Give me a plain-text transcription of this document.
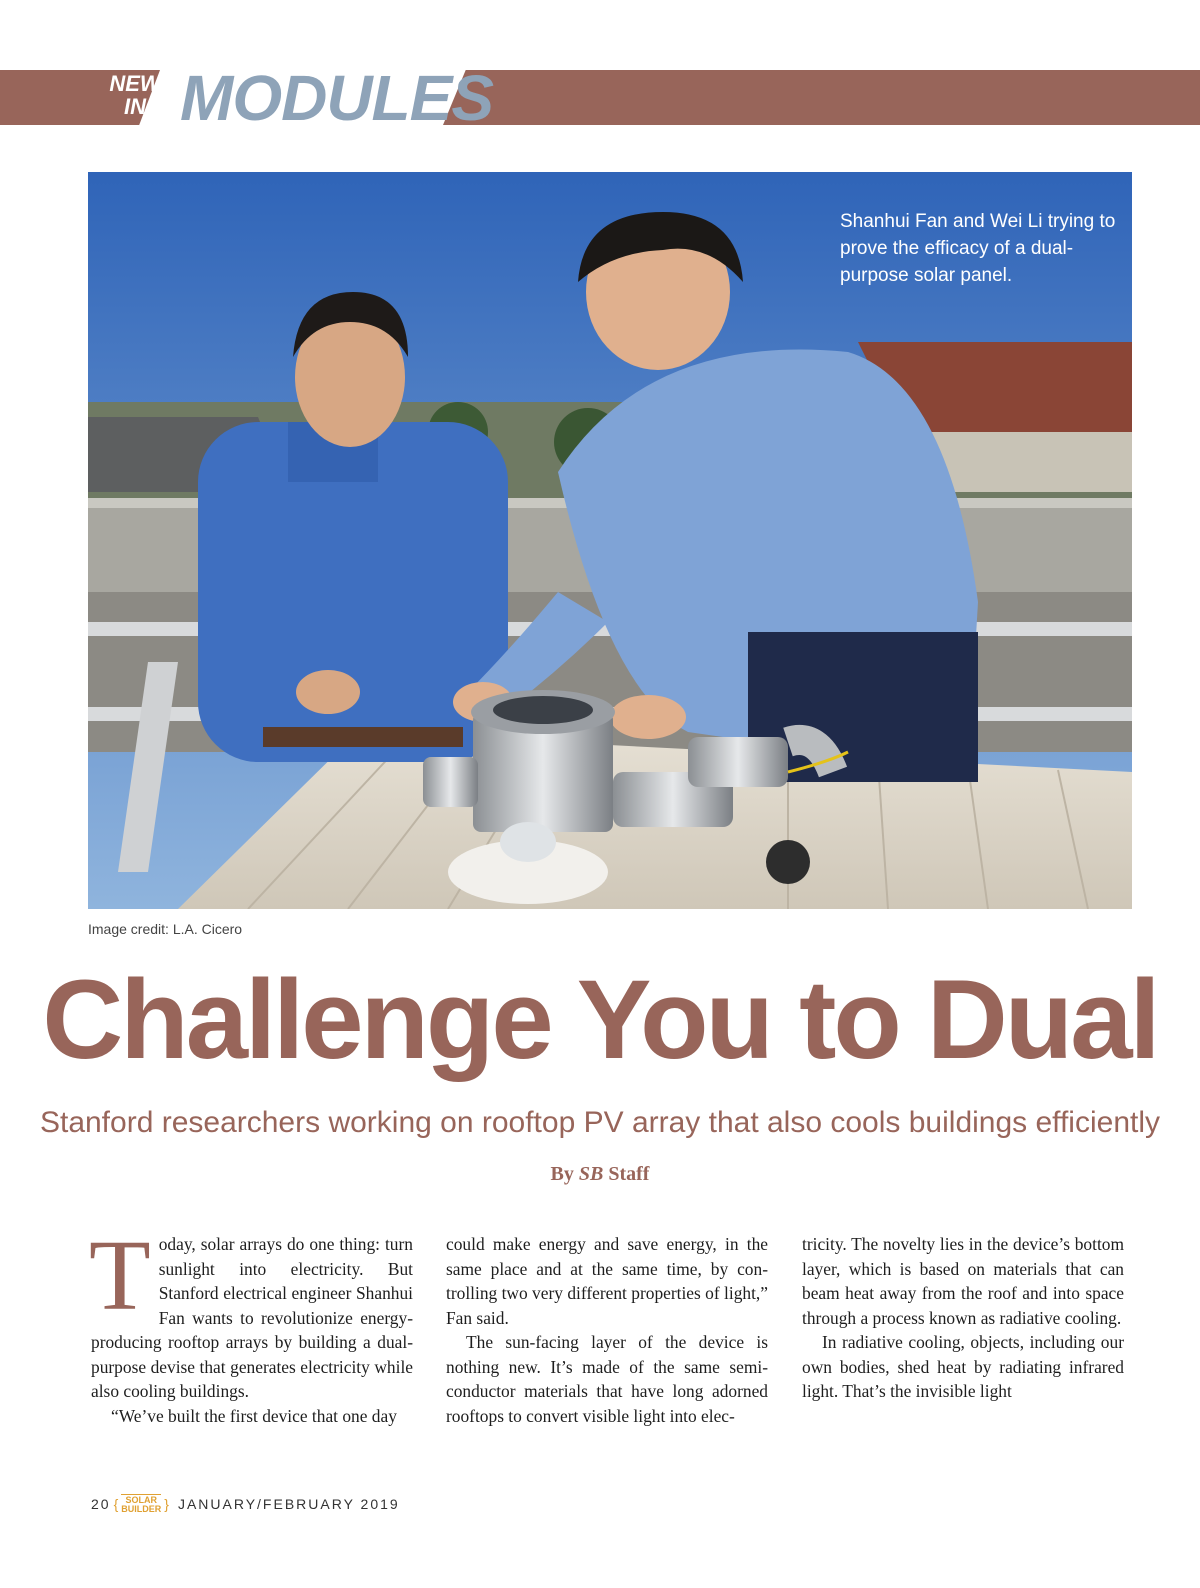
NEW
IN MODULES
Shanhui Fan and Wei Li trying to prove the efficacy of a dual-purpose solar panel.
Image credit: L.A. Cicero
Challenge You to Dual
Stanford researchers working on rooftop PV array that also cools buildings efficiently
By SB Staff

Today, solar arrays do one thing: turn sunlight into electricity. But Stanford electrical engineer Shanhui Fan wants to revolutionize energy-producing rooftop arrays by building a dual-purpose devise that generates electricity while also cooling buildings.

“We’ve built the first device that one day

could make energy and save energy, in the same place and at the same time, by controlling two very different properties of light,” Fan said.

The sun-facing layer of the device is nothing new. It’s made of the same semiconductor materials that have long adorned rooftops to convert visible light into elec-

tricity. The novelty lies in the device’s bottom layer, which is based on materials that can beam heat away from the roof and into space through a process known as radiative cooling.

In radiative cooling, objects, including our own bodies, shed heat by radiating infrared light. That’s the invisible light

20 { SOLAR
BUILDER } JANUARY/FEBRUARY 2019
